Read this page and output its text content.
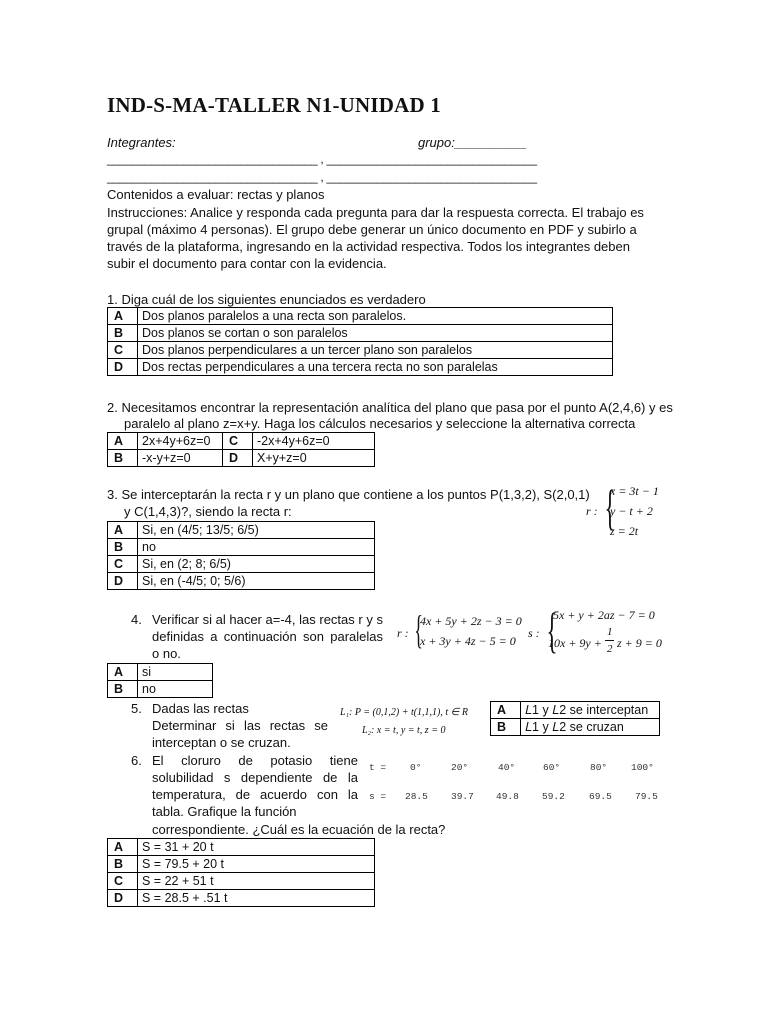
IND-S-MA-TALLER N1-UNIDAD 1
Integrantes:	grupo:__________
_________________________________ , _________________________________
_________________________________ , _________________________________
Contenidos a evaluar: rectas y planos
Instrucciones: Analice y responda cada pregunta para dar la respuesta correcta. El trabajo es grupal (máximo 4 personas). El grupo debe generar un único documento en PDF y subirlo a través de la plataforma, ingresando en la actividad respectiva. Todos los integrantes deben subir el documento para contar con la evidencia.
1. Diga cuál de los siguientes enunciados es verdadero
A	Dos planos paralelos a una recta son paralelos.
B	Dos planos se cortan o son paralelos
C	Dos planos perpendiculares a un tercer plano son paralelos
D	Dos rectas perpendiculares a una tercera recta no son paralelas
2. Necesitamos encontrar la representación analítica del plano que pasa por el punto A(2,4,6) y es
paralelo al plano z=x+y. Haga los cálculos necesarios y seleccione la alternativa correcta
A	2x+4y+6z=0	C	-2x+4y+6z=0
B	-x-y+z=0	D	X+y+z=0
3. Se interceptarán la recta r y un plano que contiene a los puntos P(1,3,2), S(2,0,1)
y C(1,4,3)?, siendo la recta r:	r : {
x = 3t − 1
y − t + 2
z = 2t
A	Si, en (4/5; 13/5; 6/5)
B	no
C	Si, en (2; 8; 6/5)
D	Si, en (-4/5; 0; 5/6)
4. Verificar si al hacer a=-4, las rectas r y s definidas a continuación son paralelas o no.
r : {
4x + 5y + 2z − 3 = 0
x + 3y + 4z − 5 = 0
s : {
5x + y + 2az − 7 = 0
10x + 9y +
1
2 z + 9 = 0
A	si
B	no
5. Dadas las rectas
Determinar si las rectas se interceptan o se cruzan.
L₁: P = (0,1,2) + t(1,1,1), t ∈ R
L₂: x = t, y = t, z = 0
A	𝐿1 y 𝐿2 se interceptan
B	𝐿1 y 𝐿2 se cruzan
6. El cloruro de potasio tiene solubilidad s dependiente de la temperatura, de acuerdo con la tabla. Grafique la función
correspondiente. ¿Cuál es la ecuación de la recta?
t =	0°	20°	40°	60°	80°	100°
s = 28.5 39.7 49.8 59.2	69.5 79.5
A	S = 31 + 20 t
B	S = 79.5 + 20 t
C	S = 22 + 51 t
D	S = 28.5 + .51 t
